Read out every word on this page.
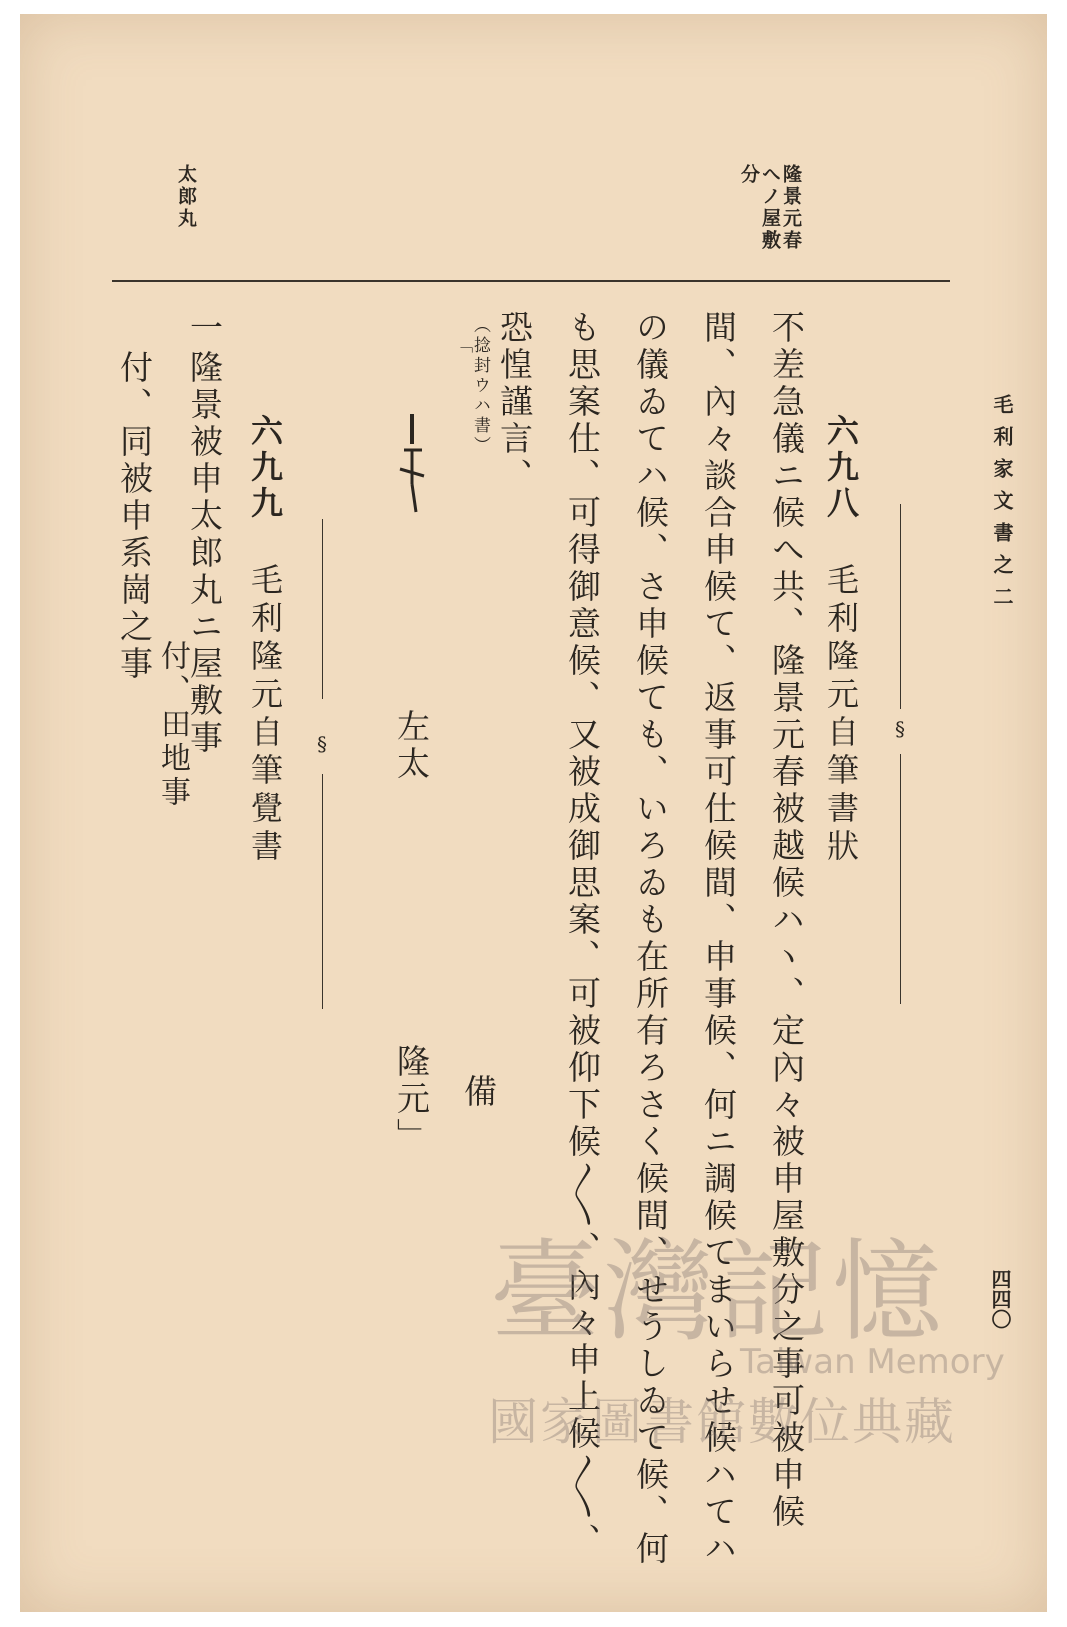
毛利家文書之二
四四〇
隆景元春
へノ屋敷
分
太郎丸
六九八 毛利隆元自筆書狀 §
不差急儀ニ候へ共、隆景元春被越候ハヽ、定內々被申屋敷分之事可被申候
間、內々談合申候て、返事可仕候間、申事候、何ニ調候てまいらせ候ハてハ
の儀ゐてハ候、さ申候ても、いろゐも在所有ろさく候間、せうしゐて候、何
も思案仕、可得御意候、又被成御思案、可被仰下候〳〵、內々申上候〳〵、
恐惶謹言、
（捻封ウハ書）
「
左太
備
隆元」
六九九 毛利隆元自筆覺書 §
一
隆景被申太郎丸ニ屋敷事
付、田地事
付、同被申系崗之事
臺灣記憶
Taiwan Memory
國家圖書館數位典藏
